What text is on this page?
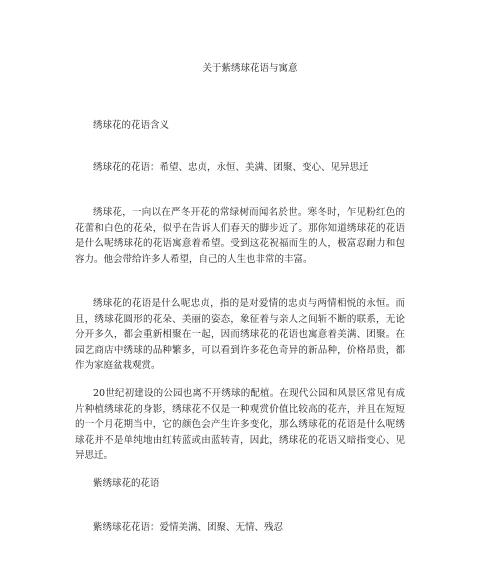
关于紫绣球花语与寓意
绣球花的花语含义
绣球花的花语：希望、忠贞，永恒、美满、团聚、变心、见异思迁
绣球花，一向以在严冬开花的常绿树而闻名於世。寒冬时，乍见粉红色的花蕾和白色的花朵，似乎在告诉人们春天的脚步近了。那你知道绣球花的花语是什么呢绣球花的花语寓意着希望。受到这花祝福而生的人，极富忍耐力和包容力。他会带给许多人希望，自己的人生也非常的丰富。
绣球花的花语是什么呢忠贞，指的是对爱情的忠贞与两情相悦的永恒。而且，绣球花圆形的花朵、美丽的姿态，象征着与亲人之间斩不断的联系，无论分开多久，都会重新相聚在一起，因而绣球花的花语也寓意着美满、团聚。在园艺商店中绣球的品种繁多，可以看到许多花色奇异的新品种，价格昂贵，都作为家庭盆栽观赏。
20世纪初建设的公园也离不开绣球的配植。在现代公园和风景区常见有成片种植绣球花的身影，绣球花不仅是一种观赏价值比较高的花卉，并且在短短的一个月花期当中，它的颜色会产生许多变化，那么绣球花的花语是什么呢绣球花并不是单纯地由红转蓝或由蓝转青，因此，绣球花的花语又暗指变心、见异思迁。
紫绣球花的花语
紫绣球花花语：爱情美满、团聚、无情、残忍
